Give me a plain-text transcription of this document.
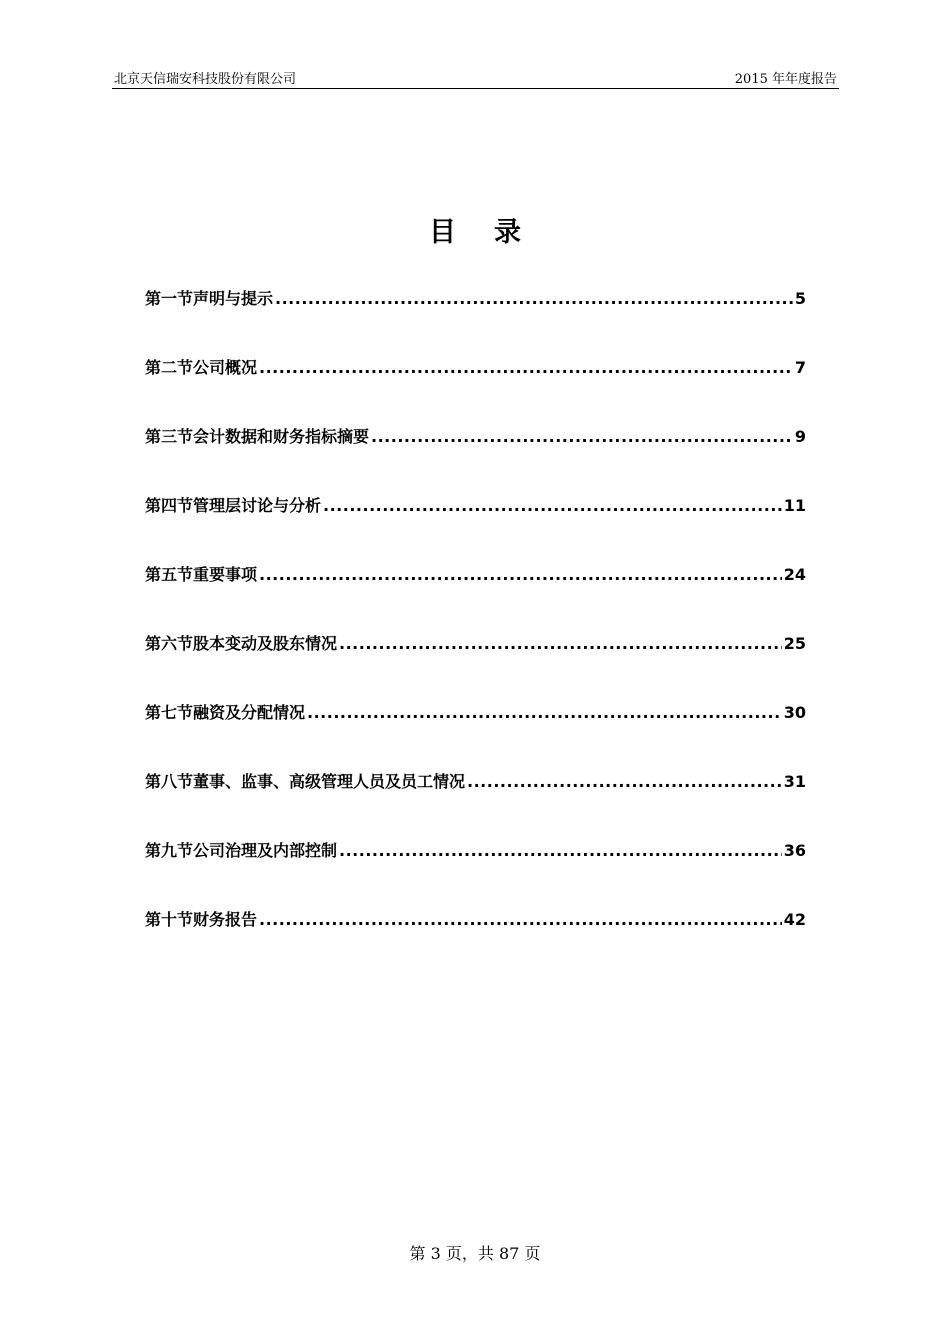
北京天信瑞安科技股份有限公司	2015 年年度报告
目录
第一节声明与提示 .....	5
第二节公司概况 .....	7
第三节会计数据和财务指标摘要 .....	9
第四节管理层讨论与分析 .....	11
第五节重要事项 .....	24
第六节股本变动及股东情况 .....	25
第七节融资及分配情况 .....	30
第八节董事、监事、高级管理人员及员工情况 .....	31
第九节公司治理及内部控制 .....	36
第十节财务报告 .....	42
第 3 页，共 87 页
